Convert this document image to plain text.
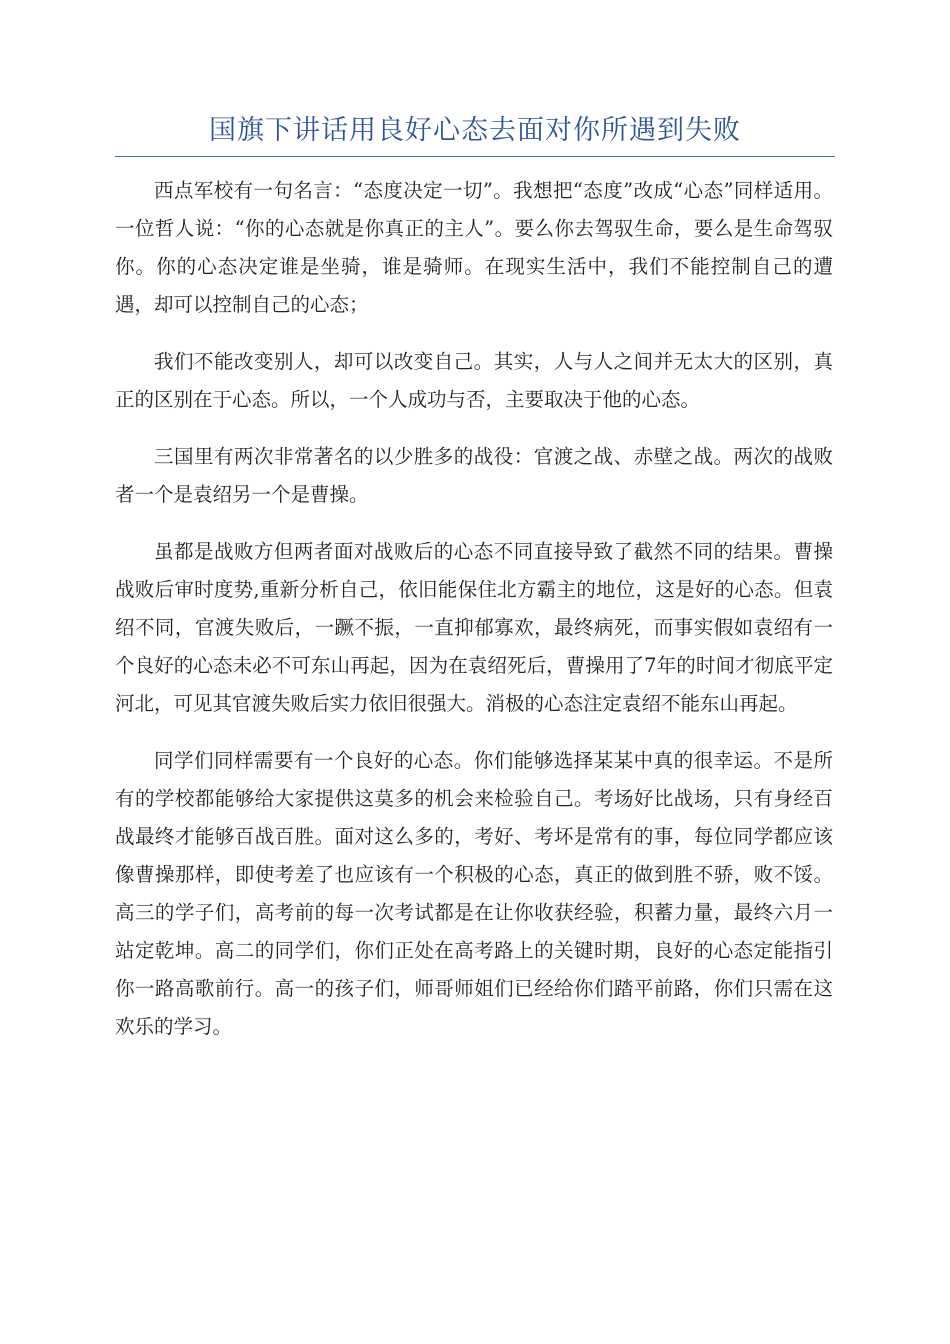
国旗下讲话用良好心态去面对你所遇到失败

西点军校有一句名言：“态度决定一切”。我想把“态度”改成“心态”同样适用。一位哲人说：“你的心态就是你真正的主人”。要么你去驾驭生命，要么是生命驾驭你。你的心态决定谁是坐骑，谁是骑师。在现实生活中，我们不能控制自己的遭遇，却可以控制自己的心态；

我们不能改变别人，却可以改变自己。其实，人与人之间并无太大的区别，真正的区别在于心态。所以，一个人成功与否，主要取决于他的心态。

三国里有两次非常著名的以少胜多的战役：官渡之战、赤壁之战。两次的战败者一个是袁绍另一个是曹操。

虽都是战败方但两者面对战败后的心态不同直接导致了截然不同的结果。曹操战败后审时度势,重新分析自己，依旧能保住北方霸主的地位，这是好的心态。但袁绍不同，官渡失败后，一蹶不振，一直抑郁寡欢，最终病死，而事实假如袁绍有一个良好的心态未必不可东山再起，因为在袁绍死后，曹操用了7年的时间才彻底平定河北，可见其官渡失败后实力依旧很强大。消极的心态注定袁绍不能东山再起。

同学们同样需要有一个良好的心态。你们能够选择某某中真的很幸运。不是所有的学校都能够给大家提供这莫多的机会来检验自己。考场好比战场，只有身经百战最终才能够百战百胜。面对这么多的，考好、考坏是常有的事，每位同学都应该像曹操那样，即使考差了也应该有一个积极的心态，真正的做到胜不骄，败不馁。高三的学子们，高考前的每一次考试都是在让你收获经验，积蓄力量，最终六月一站定乾坤。高二的同学们，你们正处在高考路上的关键时期，良好的心态定能指引你一路高歌前行。高一的孩子们，师哥师姐们已经给你们踏平前路，你们只需在这欢乐的学习。
